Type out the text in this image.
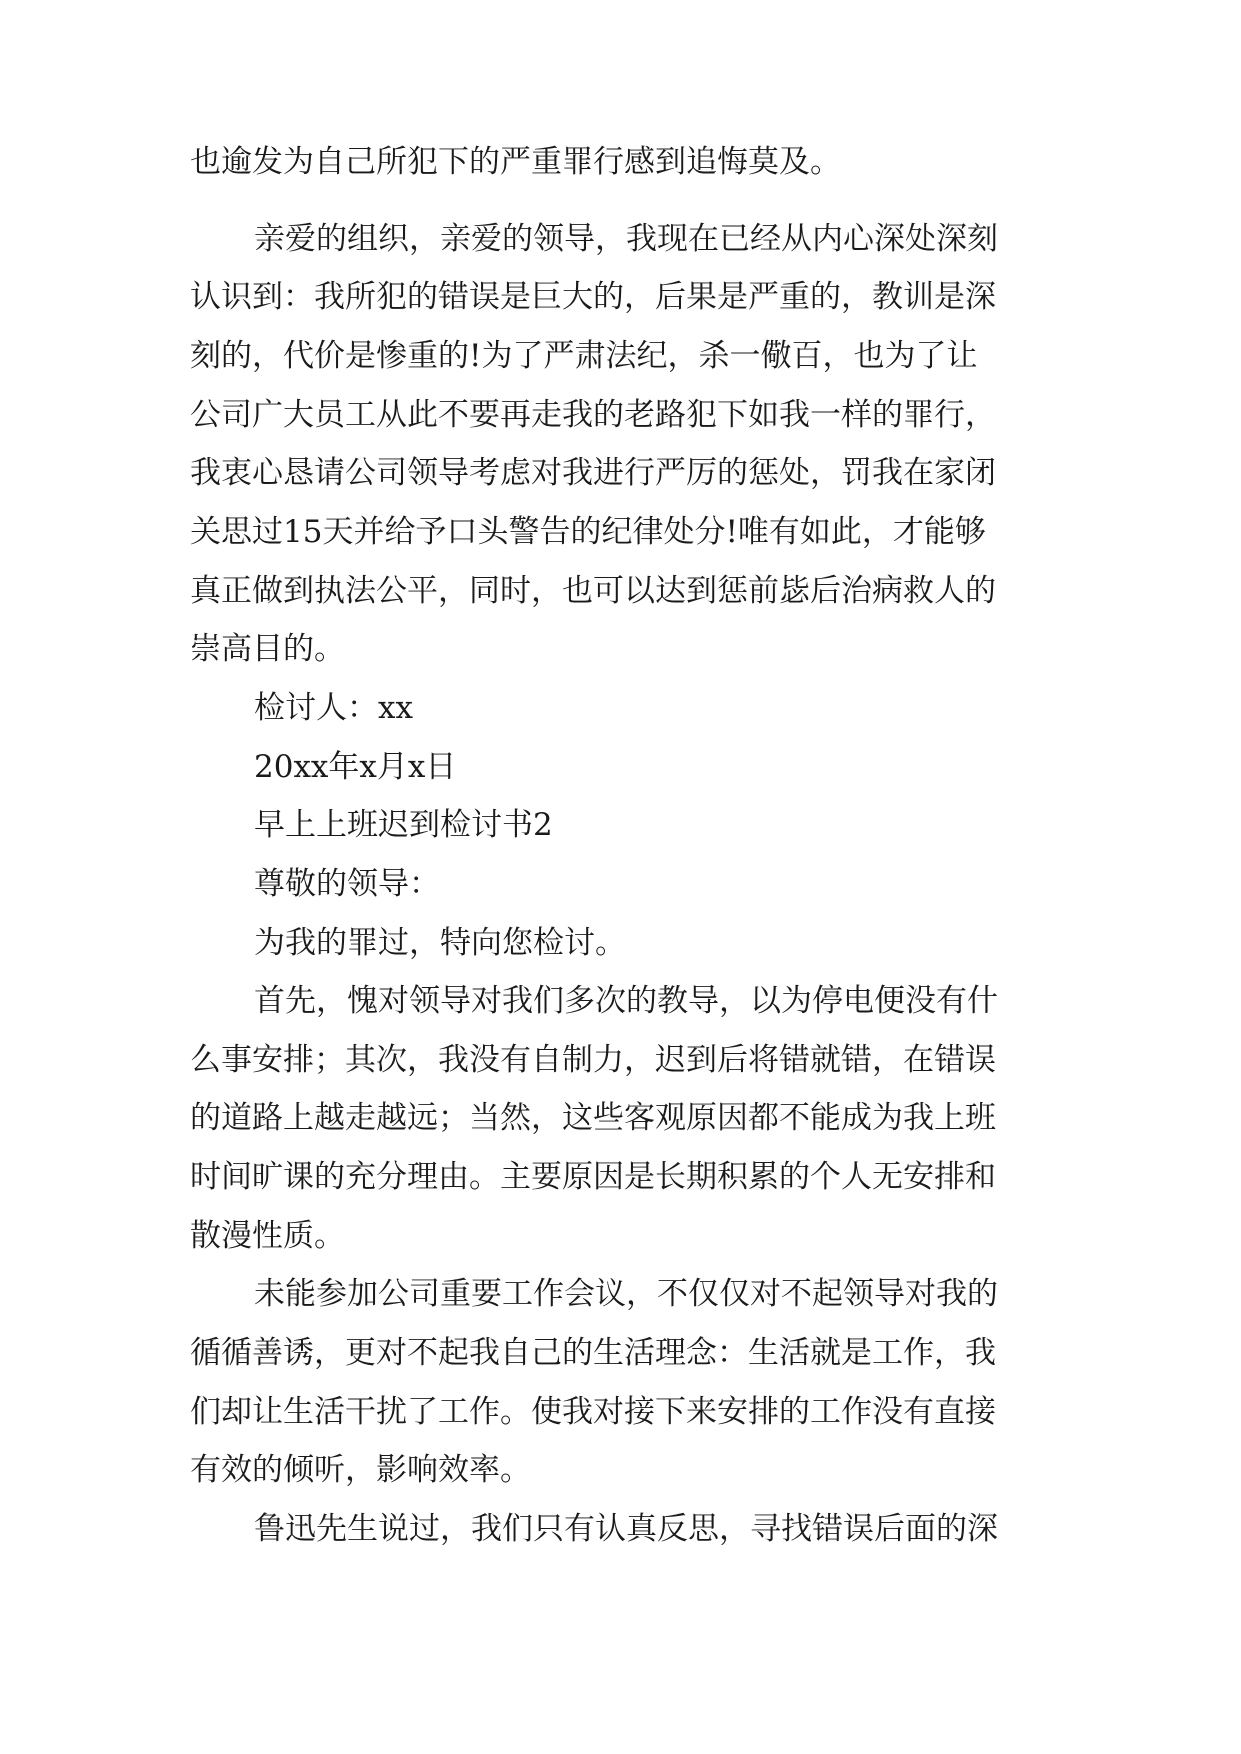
也逾发为自己所犯下的严重罪行感到追悔莫及。
亲爱的组织，亲爱的领导，我现在已经从内心深处深刻
认识到：我所犯的错误是巨大的，后果是严重的，教训是深
刻的，代价是惨重的!为了严肃法纪，杀一儆百，也为了让
公司广大员工从此不要再走我的老路犯下如我一样的罪行，
我衷心恳请公司领导考虑对我进行严厉的惩处，罚我在家闭
关思过15天并给予口头警告的纪律处分!唯有如此，才能够
真正做到执法公平，同时，也可以达到惩前毖后治病救人的
崇高目的。
检讨人：xx
20xx年x月x日
早上上班迟到检讨书2
尊敬的领导：
为我的罪过，特向您检讨。
首先，愧对领导对我们多次的教导，以为停电便没有什
么事安排；其次，我没有自制力，迟到后将错就错，在错误
的道路上越走越远；当然，这些客观原因都不能成为我上班
时间旷课的充分理由。主要原因是长期积累的个人无安排和
散漫性质。
未能参加公司重要工作会议，不仅仅对不起领导对我的
循循善诱，更对不起我自己的生活理念：生活就是工作，我
们却让生活干扰了工作。使我对接下来安排的工作没有直接
有效的倾听，影响效率。
鲁迅先生说过，我们只有认真反思，寻找错误后面的深
